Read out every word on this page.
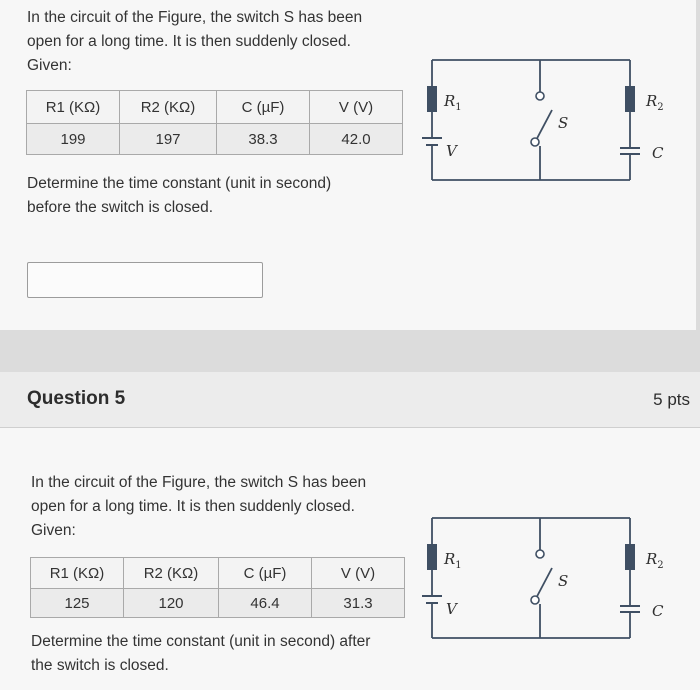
In the circuit of the Figure, the switch S has been
open for a long time. It is then suddenly closed.
Given:
R1 (KΩ)	R2 (KΩ)	C (µF)	V (V)
199	197	38.3	42.0
Determine the time constant (unit in second)
before the switch is closed.
$R_1$
V
S
$R_2$
C
Question 5	5 pts
In the circuit of the Figure, the switch S has been
open for a long time. It is then suddenly closed.
Given:
R1 (KΩ)	R2 (KΩ)	C (µF)	V (V)
125	120	46.4	31.3
Determine the time constant (unit in second) after
the switch is closed.
$R_1$
V
S
$R_2$
C
